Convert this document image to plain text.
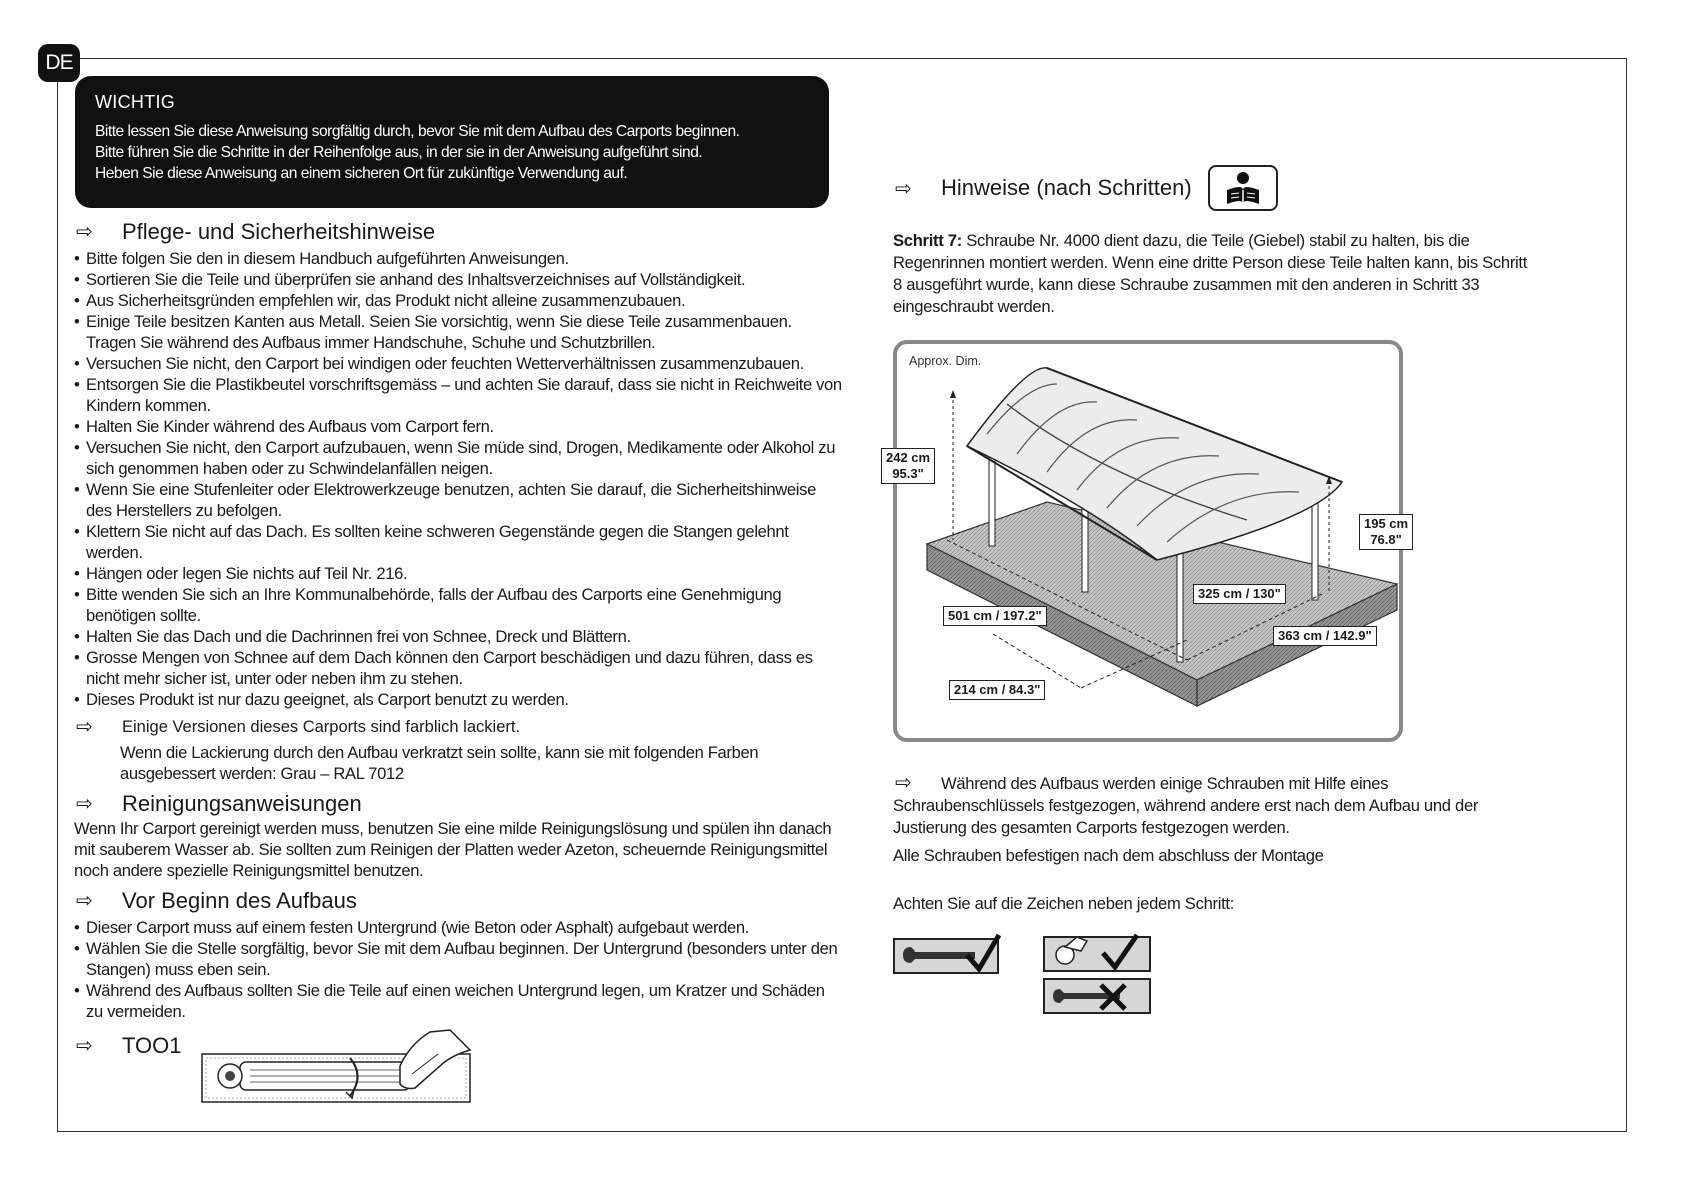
DE
WICHTIG

Bitte lessen Sie diese Anweisung sorgfältig durch, bevor Sie mit dem Aufbau des Carports beginnen.

Bitte führen Sie die Schritte in der Reihenfolge aus, in der sie in der Anweisung aufgeführt sind.

Heben Sie diese Anweisung an einem sicheren Ort für zukünftige Verwendung auf.

⇨	Pflege- und Sicherheitshinweise
• Bitte folgen Sie den in diesem Handbuch aufgeführten Anweisungen.
• Sortieren Sie die Teile und überprüfen sie anhand des Inhaltsverzeichnises auf Vollständigkeit.
• Aus Sicherheitsgründen empfehlen wir, das Produkt nicht alleine zusammenzubauen.
• Einige Teile besitzen Kanten aus Metall. Seien Sie vorsichtig, wenn Sie diese Teile zusammenbauen. Tragen Sie während des Aufbaus immer Handschuhe, Schuhe und Schutzbrillen.
• Versuchen Sie nicht, den Carport bei windigen oder feuchten Wetterverhältnissen zusammenzubauen.
• Entsorgen Sie die Plastikbeutel vorschriftsgemäss – und achten Sie darauf, dass sie nicht in Reichweite von Kindern kommen.
• Halten Sie Kinder während des Aufbaus vom Carport fern.
• Versuchen Sie nicht, den Carport aufzubauen, wenn Sie müde sind, Drogen, Medikamente oder Alkohol zu sich genommen haben oder zu Schwindelanfällen neigen.
• Wenn Sie eine Stufenleiter oder Elektrowerkzeuge benutzen, achten Sie darauf, die Sicherheitshinweise des Herstellers zu befolgen.
• Klettern Sie nicht auf das Dach. Es sollten keine schweren Gegenstände gegen die Stangen gelehnt werden.
• Hängen oder legen Sie nichts auf Teil Nr. 216.
• Bitte wenden Sie sich an Ihre Kommunalbehörde, falls der Aufbau des Carports eine Genehmigung benötigen sollte.
• Halten Sie das Dach und die Dachrinnen frei von Schnee, Dreck und Blättern.
• Grosse Mengen von Schnee auf dem Dach können den Carport beschädigen und dazu führen, dass es nicht mehr sicher ist, unter oder neben ihm zu stehen.
• Dieses Produkt ist nur dazu geeignet, als Carport benutzt zu werden.
⇨	Einige Versionen dieses Carports sind farblich lackiert.

Wenn die Lackierung durch den Aufbau verkratzt sein sollte, kann sie mit folgenden Farben ausgebessert werden: Grau – RAL 7012

⇨	Reinigungsanweisungen

Wenn Ihr Carport gereinigt werden muss, benutzen Sie eine milde Reinigungslösung und spülen ihn danach mit sauberem Wasser ab. Sie sollten zum Reinigen der Platten weder Azeton, scheuernde Reinigungsmittel noch andere spezielle Reinigungsmittel benutzen.

⇨	Vor Beginn des Aufbaus
• Dieser Carport muss auf einem festen Untergrund (wie Beton oder Asphalt) aufgebaut werden.
• Wählen Sie die Stelle sorgfältig, bevor Sie mit dem Aufbau beginnen. Der Untergrund (besonders unter den Stangen) muss eben sein.
• Während des Aufbaus sollten Sie die Teile auf einen weichen Untergrund legen, um Kratzer und Schäden zu vermeiden.
⇨	TOO1
⇨	Hinweise (nach Schritten)

Schritt 7: Schraube Nr. 4000 dient dazu, die Teile (Giebel) stabil zu halten, bis die Regenrinnen montiert werden. Wenn eine dritte Person diese Teile halten kann, bis Schritt 8 ausgeführt wurde, kann diese Schraube zusammen mit den anderen in Schritt 33 eingeschraubt werden.

Approx. Dim.
242 cm
95.3"
195 cm
76.8"
325 cm / 130"
501 cm / 197.2"
363 cm / 142.9"
214 cm / 84.3"

⇨ Während des Aufbaus werden einige Schrauben mit Hilfe eines Schraubenschlüssels festgezogen, während andere erst nach dem Aufbau und der Justierung des gesamten Carports festgezogen werden.

Alle Schrauben befestigen nach dem abschluss der Montage

Achten Sie auf die Zeichen neben jedem Schritt:
